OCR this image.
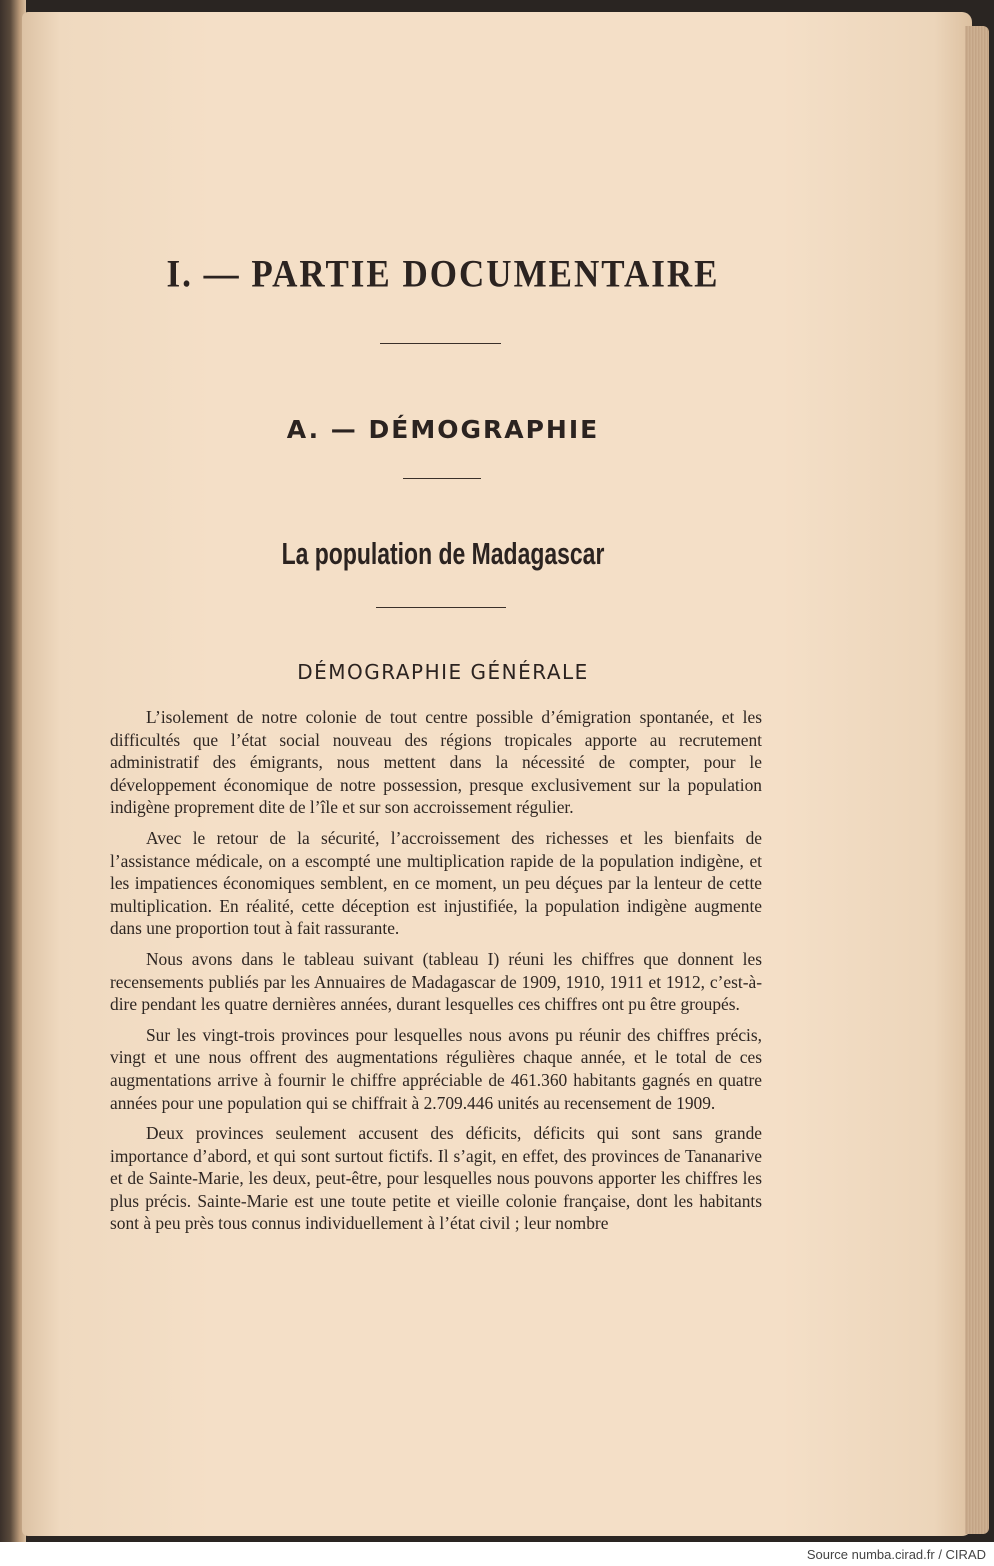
I. — PARTIE DOCUMENTAIRE
A. — DÉMOGRAPHIE
La population de Madagascar
DÉMOGRAPHIE GÉNÉRALE

L’isolement de notre colonie de tout centre possible d’émigration spontanée, et les difficultés que l’état social nouveau des régions tropicales apporte au recrutement administratif des émigrants, nous mettent dans la nécessité de compter, pour le développement économique de notre possession, presque exclusivement sur la population indigène proprement dite de l’île et sur son accroissement régulier.

Avec le retour de la sécurité, l’accroissement des richesses et les bienfaits de l’assistance médicale, on a escompté une multiplication rapide de la population indigène, et les impatiences économiques semblent, en ce moment, un peu déçues par la lenteur de cette multiplication. En réalité, cette déception est injustifiée, la population indigène augmente dans une proportion tout à fait rassurante.

Nous avons dans le tableau suivant (tableau I) réuni les chiffres que donnent les recensements publiés par les Annuaires de Madagascar de 1909, 1910, 1911 et 1912, c’est-à-dire pendant les quatre dernières années, durant lesquelles ces chiffres ont pu être groupés.

Sur les vingt-trois provinces pour lesquelles nous avons pu réunir des chiffres précis, vingt et une nous offrent des augmentations régulières chaque année, et le total de ces augmentations arrive à fournir le chiffre appréciable de 461.360 habitants gagnés en quatre années pour une population qui se chiffrait à 2.709.446 unités au recensement de 1909.

Deux provinces seulement accusent des déficits, déficits qui sont sans grande importance d’abord, et qui sont surtout fictifs. Il s’agit, en effet, des provinces de Tananarive et de Sainte-Marie, les deux, peut-être, pour lesquelles nous pouvons apporter les chiffres les plus précis. Sainte-Marie est une toute petite et vieille colonie française, dont les habitants sont à peu près tous connus individuellement à l’état civil ; leur nombre

Source numba.cirad.fr / CIRAD
